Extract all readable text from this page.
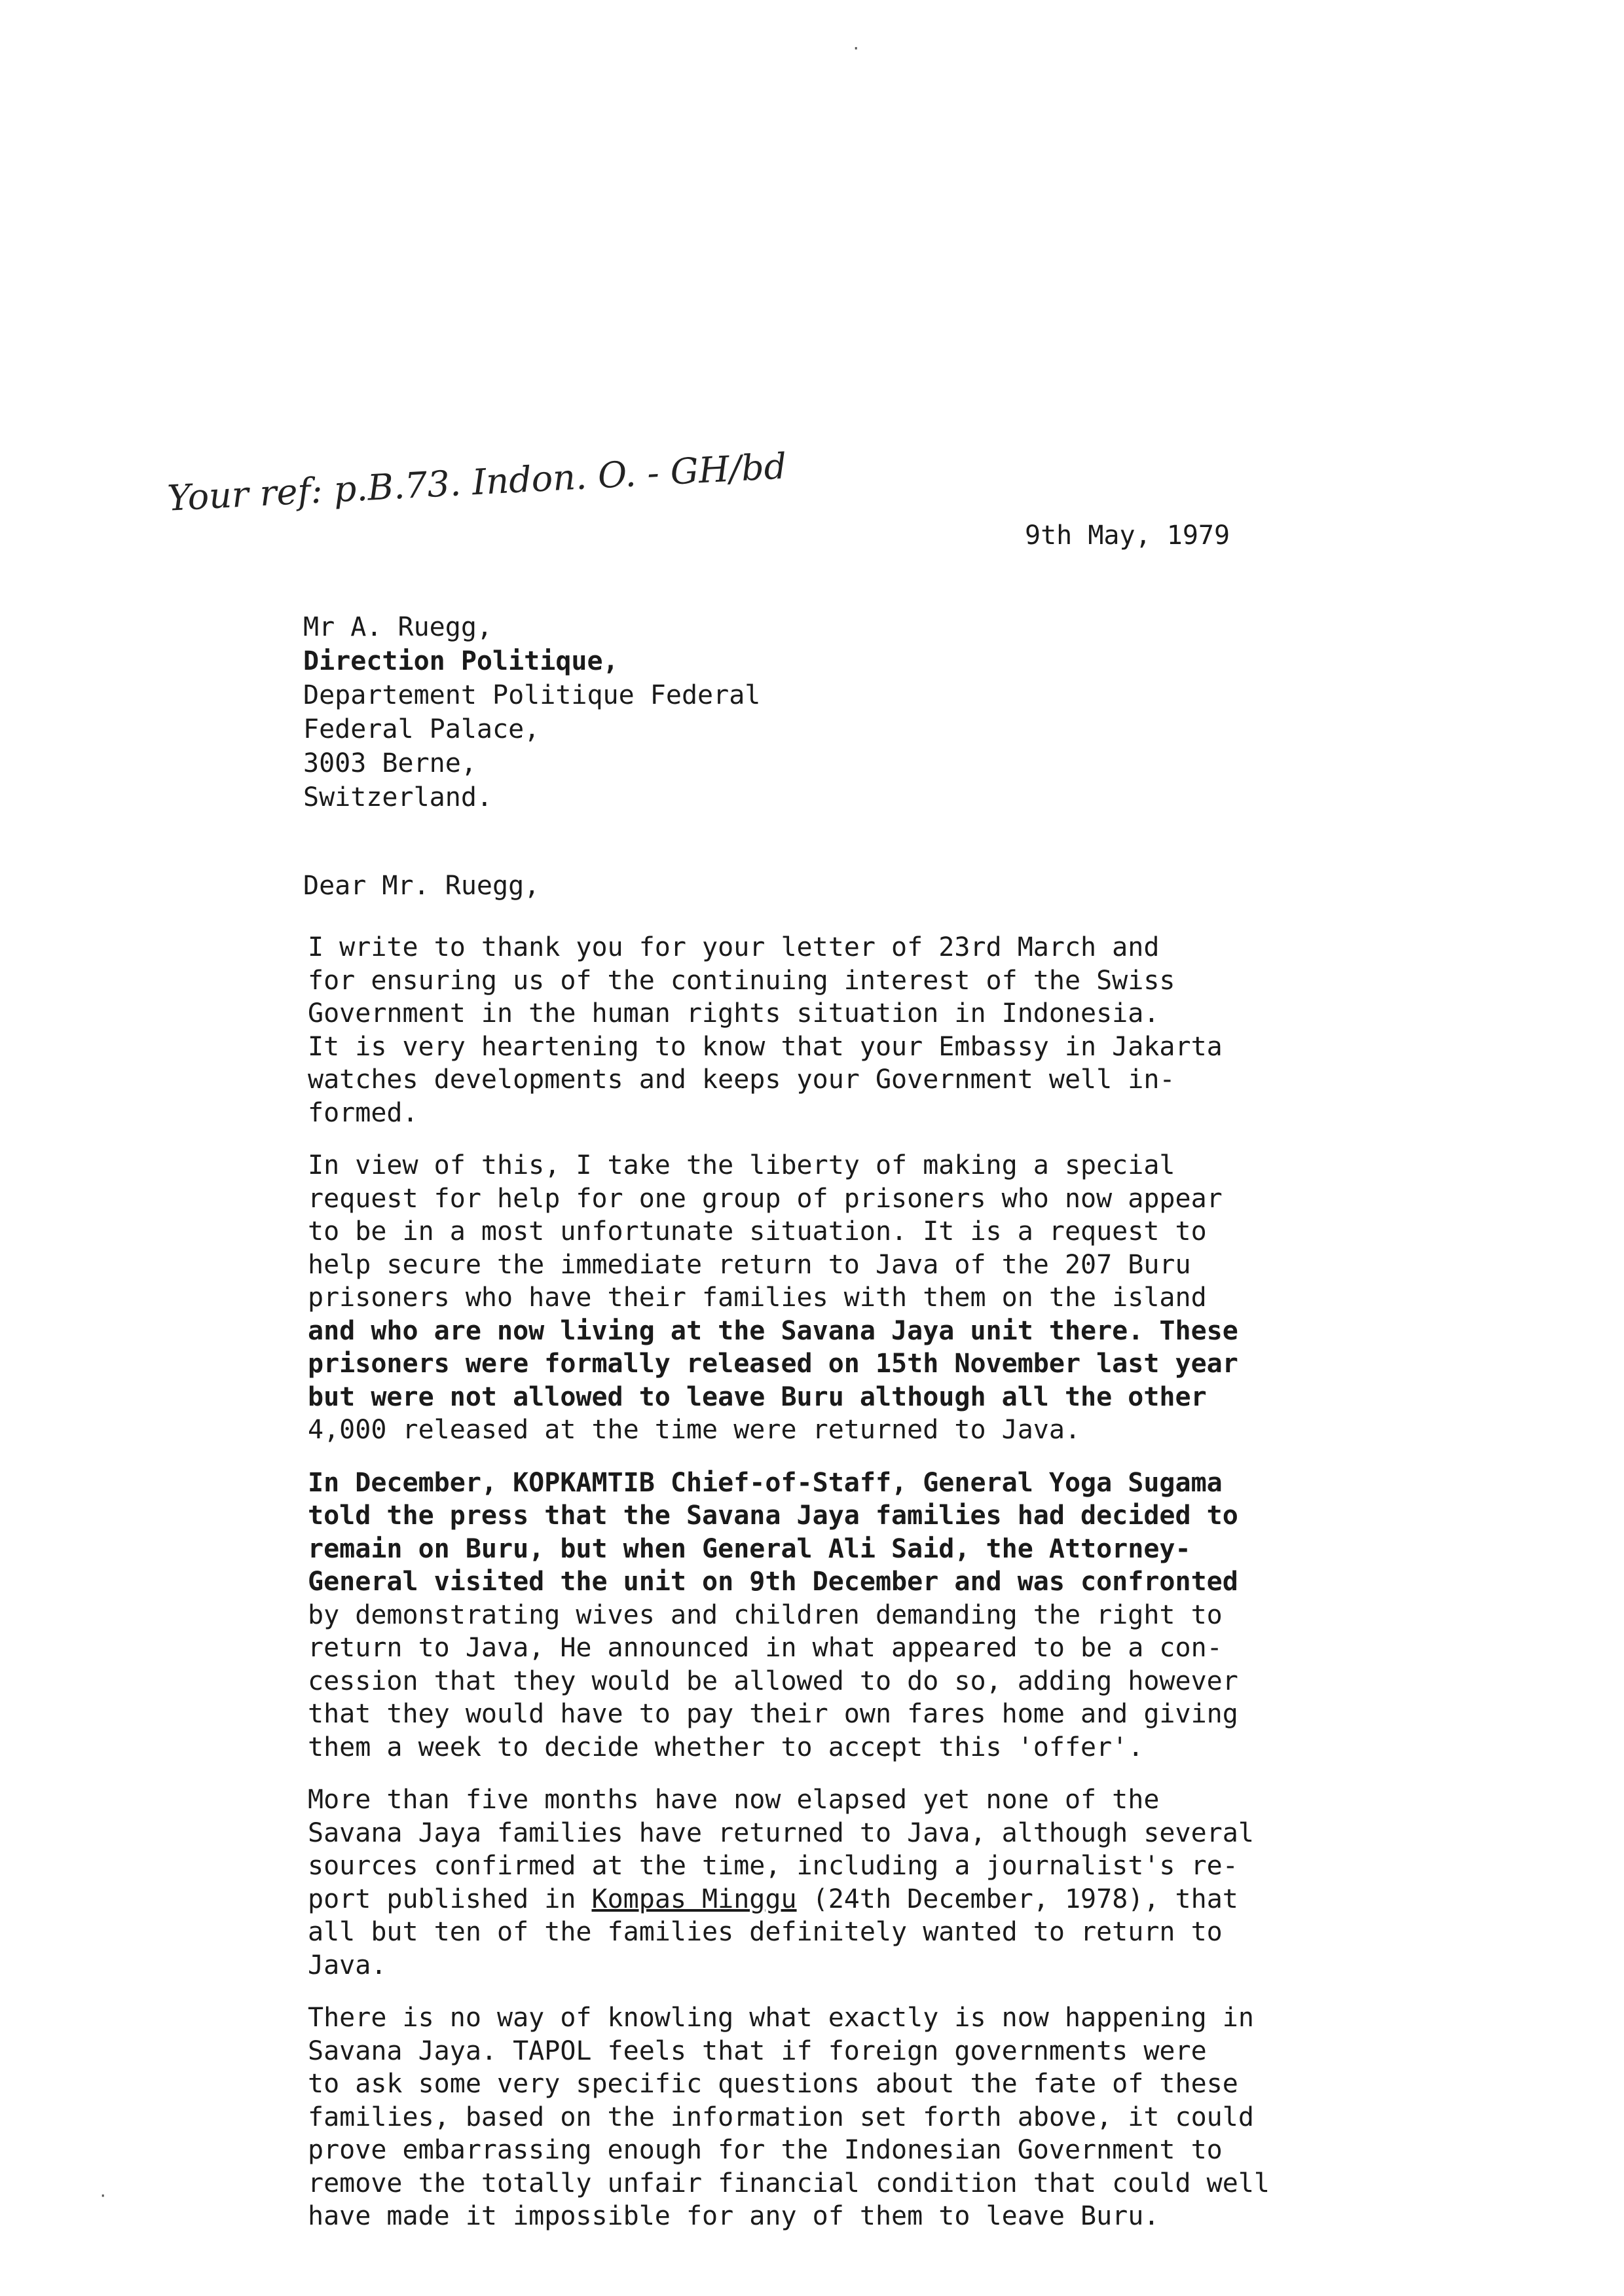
Your ref: p.B.73. Indon. O. - GH/bd
9th May, 1979
Mr A. Ruegg,
Direction Politique,
Departement Politique Federal
Federal Palace,
3003 Berne,
Switzerland.
Dear Mr. Ruegg,
I write to thank you for your letter of 23rd March and
for ensuring us of the continuing interest of the Swiss
Government in the human rights situation in Indonesia.
It is very heartening to know that your Embassy in Jakarta
watches developments and keeps your Government well in-
formed.
In view of this, I take the liberty of making a special
request for help for one group of prisoners who now appear
to be in a most unfortunate situation. It is a request to
help secure the immediate return to Java of the 207 Buru
prisoners who have their families with them on the island
and who are now living at the Savana Jaya unit there. These
prisoners were formally released on 15th November last year
but were not allowed to leave Buru although all the other
4,000 released at the time were returned to Java.
In December, KOPKAMTIB Chief-of-Staff, General Yoga Sugama
told the press that the Savana Jaya families had decided to
remain on Buru, but when General Ali Said, the Attorney-
General visited the unit on 9th December and was confronted
by demonstrating wives and children demanding the right to
return to Java, He announced in what appeared to be a con-
cession that they would be allowed to do so, adding however
that they would have to pay their own fares home and giving
them a week to decide whether to accept this 'offer'.
More than five months have now elapsed yet none of the
Savana Jaya families have returned to Java, although several
sources confirmed at the time, including a journalist's re-
port published in Kompas Minggu (24th December, 1978), that
all but ten of the families definitely wanted to return to
Java.
There is no way of knowling what exactly is now happening in
Savana Jaya. TAPOL feels that if foreign governments were
to ask some very specific questions about the fate of these
families, based on the information set forth above, it could
prove embarrassing enough for the Indonesian Government to
remove the totally unfair financial condition that could well
have made it impossible for any of them to leave Buru.
·
·
